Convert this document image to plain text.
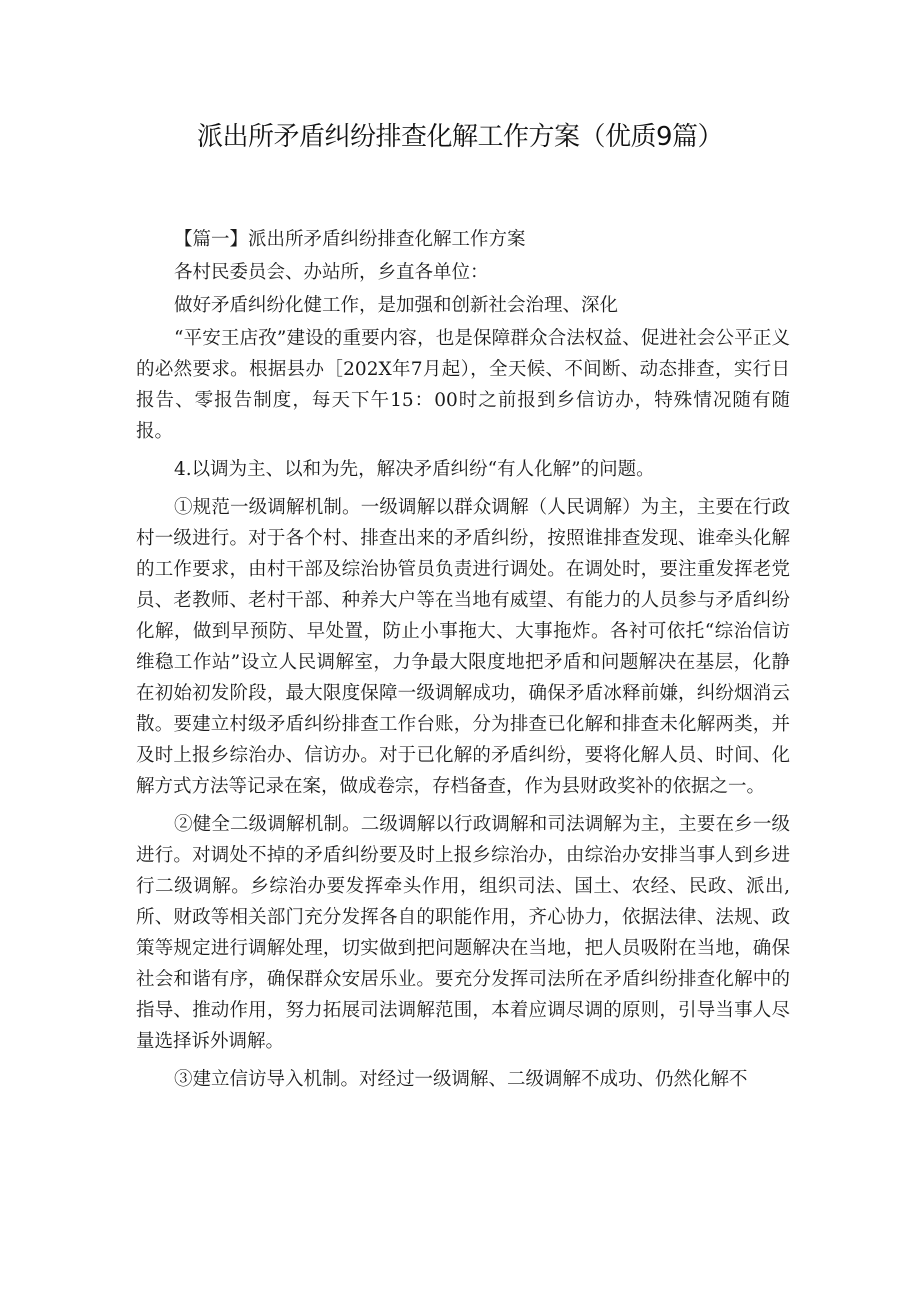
派出所矛盾纠纷排查化解工作方案（优质9篇）

【篇一】派出所矛盾纠纷排查化解工作方案

各村民委员会、办站所，乡直各单位：

做好矛盾纠纷化健工作，是加强和创新社会治理、深化

“平安王店孜”建设的重要内容，也是保障群众合法权益、促进社会公平正义的必然要求。根据县办［202X年7月起），全天候、不间断、动态排查，实行日报告、零报告制度，每天下午15：00时之前报到乡信访办，特殊情况随有随报。

4.以调为主、以和为先，解决矛盾纠纷“有人化解”的问题。

①规范一级调解机制。一级调解以群众调解（人民调解）为主，主要在行政村一级进行。对于各个村、排查出来的矛盾纠纷，按照谁排查发现、谁牵头化解的工作要求，由村干部及综治协管员负责进行调处。在调处时，要注重发挥老党员、老教师、老村干部、种养大户等在当地有威望、有能力的人员参与矛盾纠纷化解，做到早预防、早处置，防止小事拖大、大事拖炸。各衬可依托“综治信访维稳工作站”设立人民调解室，力争最大限度地把矛盾和问题解决在基层，化静在初始初发阶段，最大限度保障一级调解成功，确保矛盾冰释前嫌，纠纷烟消云散。要建立村级矛盾纠纷排查工作台账，分为排查已化解和排查未化解两类，并及时上报乡综治办、信访办。对于已化解的矛盾纠纷，要将化解人员、时间、化解方式方法等记录在案，做成卷宗，存档备查，作为县财政奖补的依据之一。

②健全二级调解机制。二级调解以行政调解和司法调解为主，主要在乡一级进行。对调处不掉的矛盾纠纷要及时上报乡综治办，由综治办安排当事人到乡进行二级调解。乡综治办要发挥牵头作用，组织司法、国土、农经、民政、派出,所、财政等相关部门充分发挥各自的职能作用，齐心协力，依据法律、法规、政策等规定进行调解处理，切实做到把问题解决在当地，把人员吸附在当地，确保社会和谐有序，确保群众安居乐业。要充分发挥司法所在矛盾纠纷排查化解中的指导、推动作用，努力拓展司法调解范围，本着应调尽调的原则，引导当事人尽量选择诉外调解。

③建立信访导入机制。对经过一级调解、二级调解不成功、仍然化解不
